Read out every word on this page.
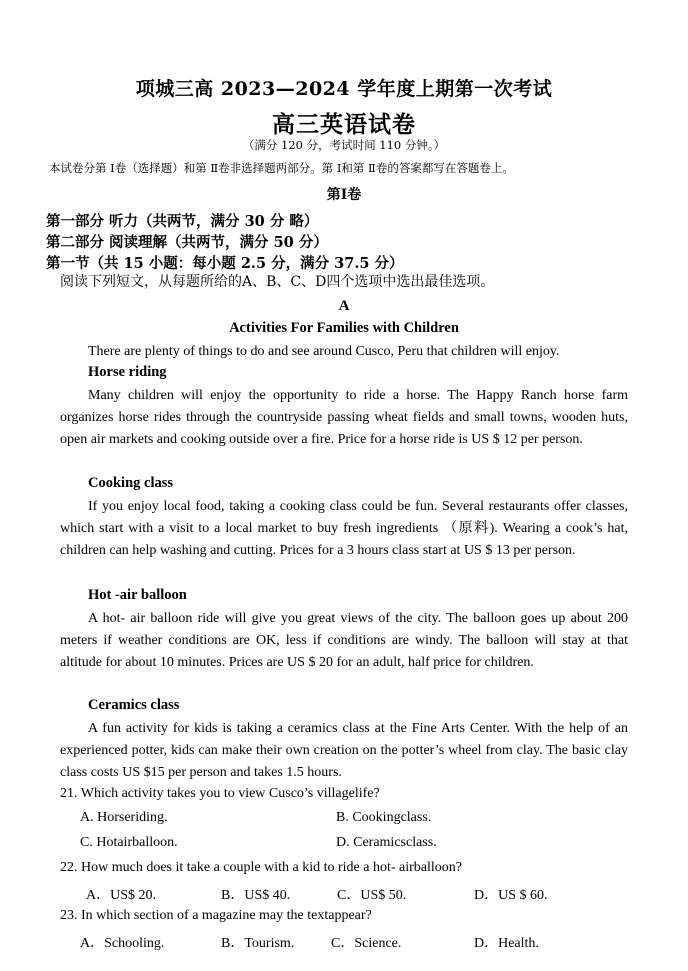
项城三高 2023—2024 学年度上期第一次考试
高三英语试卷
（满分 120 分，考试时间 110 分钟。）
本试卷分第 Ⅰ卷（选择题）和第 Ⅱ卷非选择题两部分。第 Ⅰ和第 Ⅱ卷的答案都写在答题卷上。
第Ⅰ卷
第一部分 听力（共两节，满分 30 分 略）
第二部分 阅读理解（共两节，满分 50 分）
第一节（共 15 小题：每小题 2.5 分，满分 37.5 分）
阅读下列短文，从每题所给的A、B、C、D四个选项中选出最佳选项。
A
Activities For Families with Children
There are plenty of things to do and see around Cusco, Peru that children will enjoy.
Horse riding
Many children will enjoy the opportunity to ride a horse. The Happy Ranch horse farm organizes horse rides through the countryside passing wheat fields and small towns, wooden huts, open air markets and cooking outside over a fire. Price for a horse ride is US $ 12 per person.
Cooking class
If you enjoy local food, taking a cooking class could be fun. Several restaurants offer classes, which start with a visit to a local market to buy fresh ingredients （原料). Wearing a cook’s hat, children can help washing and cutting. Prices for a 3 hours class start at US $ 13 per person.
Hot -air balloon
A hot- air balloon ride will give you great views of the city. The balloon goes up about 200 meters if weather conditions are OK, less if conditions are windy. The balloon will stay at that altitude for about 10 minutes. Prices are US $ 20 for an adult, half price for children.
Ceramics class
A fun activity for kids is taking a ceramics class at the Fine Arts Center. With the help of an experienced potter, kids can make their own creation on the potter’s wheel from clay. The basic clay class costs US $15 per person and takes 1.5 hours.
21. Which activity takes you to view Cusco’s villagelife?
A. Horseriding.	B. Cookingclass.
C. Hotairballoon.	D. Ceramicsclass.
22. How much does it take a couple with a kid to ride a hot- airballoon?
A．US$ 20.	B．US$ 40.	C．US$ 50.	D．US $ 60.
23. In which section of a magazine may the textappear?
A．Schooling.	B．Tourism.	C．Science.	D．Health.
